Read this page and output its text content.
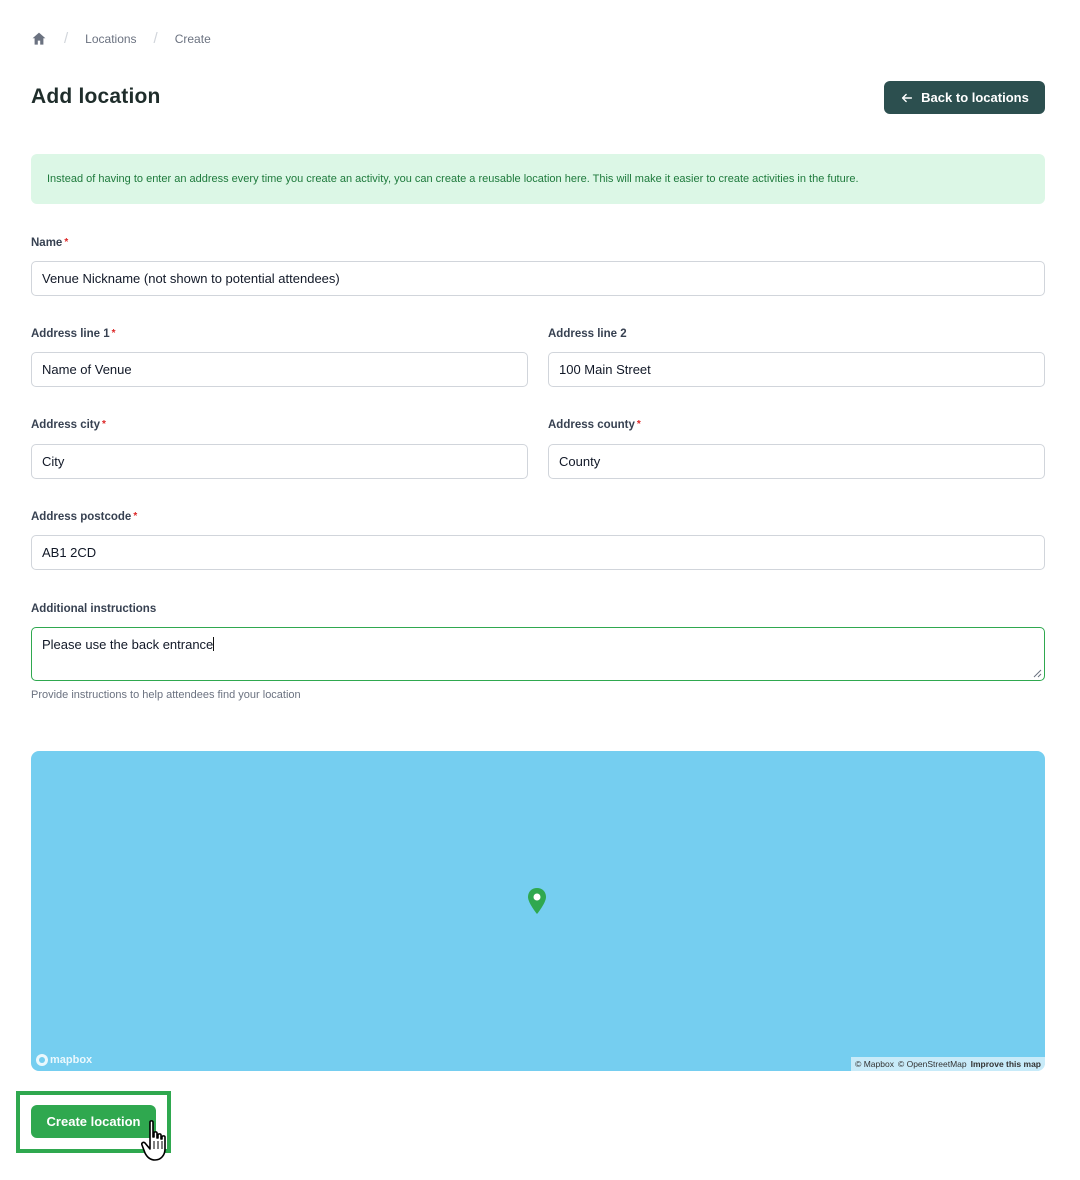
/ Locations / Create
Add location	Back to locations
Instead of having to enter an address every time you create an activity, you can create a reusable location here. This will make it easier to create activities in the future.
Name *
Venue Nickname (not shown to potential attendees)
Address line 1 *
Name of Venue
Address line 2
100 Main Street
Address city *
City
Address county *
County
Address postcode *
AB1 2CD
Additional instructions
Please use the back entrance
Provide instructions to help attendees find your location
mapbox	© Mapbox © OpenStreetMap Improve this map
Create location
